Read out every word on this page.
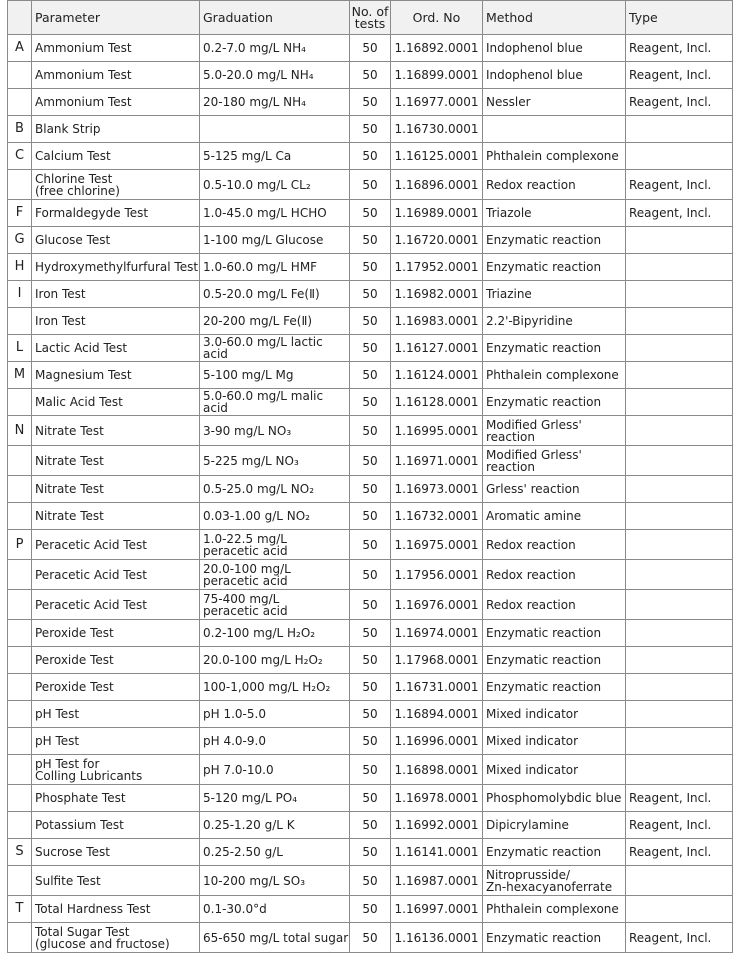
	Parameter	Graduation	No. of
tests	Ord. No	Method	Type
A	Ammonium Test	0.2-7.0 mg/L NH₄	50	1.16892.0001	Indophenol blue	Reagent, Incl.
	Ammonium Test	5.0-20.0 mg/L NH₄	50	1.16899.0001	Indophenol blue	Reagent, Incl.
	Ammonium Test	20-180 mg/L NH₄	50	1.16977.0001	Nessler	Reagent, Incl.
B	Blank Strip		50	1.16730.0001		
C	Calcium Test	5-125 mg/L Ca	50	1.16125.0001	Phthalein complexone	
	Chlorine Test
(free chlorine)	0.5-10.0 mg/L CL₂	50	1.16896.0001	Redox reaction	Reagent, Incl.
F	Formaldegyde Test	1.0-45.0 mg/L HCHO	50	1.16989.0001	Triazole	Reagent, Incl.
G	Glucose Test	1-100 mg/L Glucose	50	1.16720.0001	Enzymatic reaction	
H	Hydroxymethylfurfural Test	1.0-60.0 mg/L HMF	50	1.17952.0001	Enzymatic reaction	
I	Iron Test	0.5-20.0 mg/L Fe(Ⅱ)	50	1.16982.0001	Triazine	
	Iron Test	20-200 mg/L Fe(Ⅱ)	50	1.16983.0001	2.2'-Bipyridine	
L	Lactic Acid Test	3.0-60.0 mg/L lactic acid	50	1.16127.0001	Enzymatic reaction	
M	Magnesium Test	5-100 mg/L Mg	50	1.16124.0001	Phthalein complexone	
	Malic Acid Test	5.0-60.0 mg/L malic acid	50	1.16128.0001	Enzymatic reaction	
N	Nitrate Test	3-90 mg/L NO₃	50	1.16995.0001	Modified Grless'
reaction	
	Nitrate Test	5-225 mg/L NO₃	50	1.16971.0001	Modified Grless'
reaction	
	Nitrate Test	0.5-25.0 mg/L NO₂	50	1.16973.0001	Grless' reaction	
	Nitrate Test	0.03-1.00 g/L NO₂	50	1.16732.0001	Aromatic amine	
P	Peracetic Acid Test	1.0-22.5 mg/L
peracetic acid	50	1.16975.0001	Redox reaction	
	Peracetic Acid Test	20.0-100 mg/L
peracetic acid	50	1.17956.0001	Redox reaction	
	Peracetic Acid Test	75-400 mg/L
peracetic acid	50	1.16976.0001	Redox reaction	
	Peroxide Test	0.2-100 mg/L H₂O₂	50	1.16974.0001	Enzymatic reaction	
	Peroxide Test	20.0-100 mg/L H₂O₂	50	1.17968.0001	Enzymatic reaction	
	Peroxide Test	100-1,000 mg/L H₂O₂	50	1.16731.0001	Enzymatic reaction	
	pH Test	pH 1.0-5.0	50	1.16894.0001	Mixed indicator	
	pH Test	pH 4.0-9.0	50	1.16996.0001	Mixed indicator	
	pH Test for
Colling Lubricants	pH 7.0-10.0	50	1.16898.0001	Mixed indicator	
	Phosphate Test	5-120 mg/L PO₄	50	1.16978.0001	Phosphomolybdic blue	Reagent, Incl.
	Potassium Test	0.25-1.20 g/L K	50	1.16992.0001	Dipicrylamine	Reagent, Incl.
S	Sucrose Test	0.25-2.50 g/L	50	1.16141.0001	Enzymatic reaction	Reagent, Incl.
	Sulfite Test	10-200 mg/L SO₃	50	1.16987.0001	Nitroprusside/
Zn-hexacyanoferrate	
T	Total Hardness Test	0.1-30.0°d	50	1.16997.0001	Phthalein complexone	
	Total Sugar Test
(glucose and fructose)	65-650 mg/L total sugar	50	1.16136.0001	Enzymatic reaction	Reagent, Incl.
